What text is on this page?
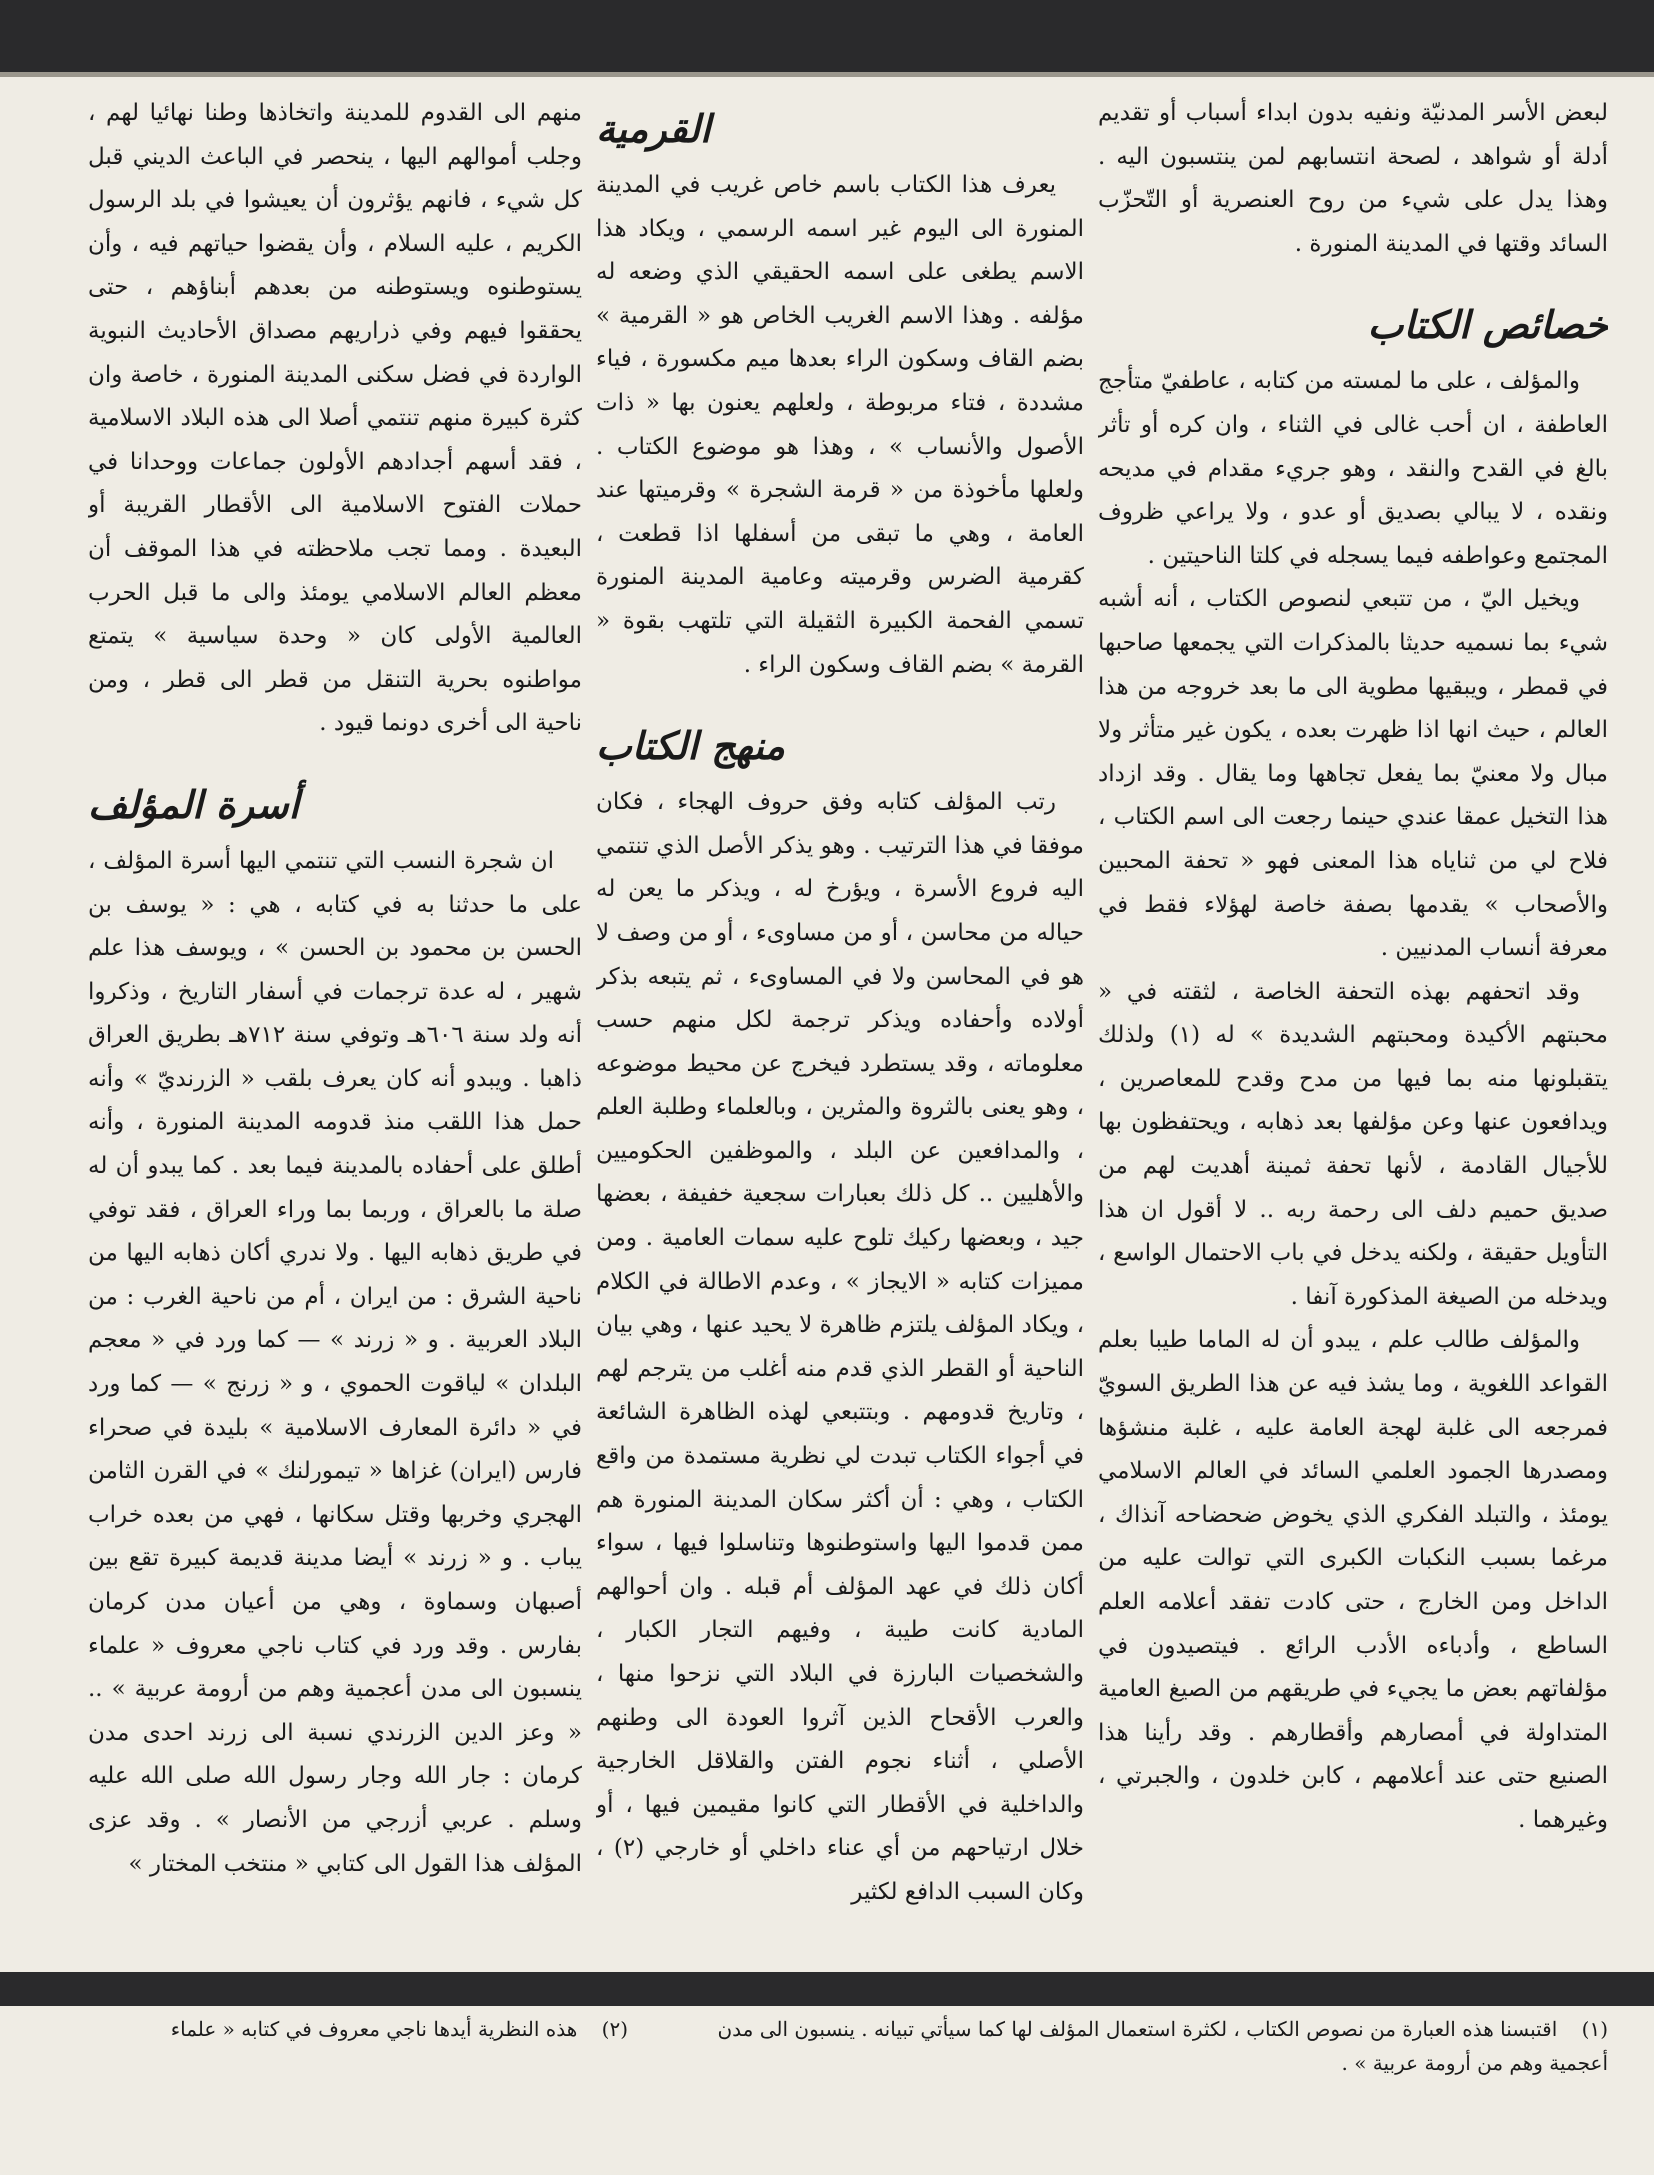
لبعض الأسر المدنيّة ونفيه بدون ابداء أسباب أو تقديم أدلة أو شواهد ، لصحة انتسابهم لمن ينتسبون اليه . وهذا يدل على شيء من روح العنصرية أو التّحزّب السائد وقتها في المدينة المنورة .

خصائص الكتاب

والمؤلف ، على ما لمسته من كتابه ، عاطفيّ متأجج العاطفة ، ان أحب غالى في الثناء ، وان كره أو تأثر بالغ في القدح والنقد ، وهو جريء مقدام في مديحه ونقده ، لا يبالي بصديق أو عدو ، ولا يراعي ظروف المجتمع وعواطفه فيما يسجله في كلتا الناحيتين .

ويخيل اليّ ، من تتبعي لنصوص الكتاب ، أنه أشبه شيء بما نسميه حديثا بالمذكرات التي يجمعها صاحبها في قمطر ، ويبقيها مطوية الى ما بعد خروجه من هذا العالم ، حيث انها اذا ظهرت بعده ، يكون غير متأثر ولا مبال ولا معنيّ بما يفعل تجاهها وما يقال . وقد ازداد هذا التخيل عمقا عندي حينما رجعت الى اسم الكتاب ، فلاح لي من ثناياه هذا المعنى فهو « تحفة المحبين والأصحاب » يقدمها بصفة خاصة لهؤلاء فقط في معرفة أنساب المدنيين .

وقد اتحفهم بهذه التحفة الخاصة ، لثقته في « محبتهم الأكيدة ومحبتهم الشديدة » له (١) ولذلك يتقبلونها منه بما فيها من مدح وقدح للمعاصرين ، ويدافعون عنها وعن مؤلفها بعد ذهابه ، ويحتفظون بها للأجيال القادمة ، لأنها تحفة ثمينة أهديت لهم من صديق حميم دلف الى رحمة ربه .. لا أقول ان هذا التأويل حقيقة ، ولكنه يدخل في باب الاحتمال الواسع ، ويدخله من الصيغة المذكورة آنفا .

والمؤلف طالب علم ، يبدو أن له الماما طيبا بعلم القواعد اللغوية ، وما يشذ فيه عن هذا الطريق السويّ فمرجعه الى غلبة لهجة العامة عليه ، غلبة منشؤها ومصدرها الجمود العلمي السائد في العالم الاسلامي يومئذ ، والتبلد الفكري الذي يخوض ضحضاحه آنذاك ، مرغما بسبب النكبات الكبرى التي توالت عليه من الداخل ومن الخارج ، حتى كادت تفقد أعلامه العلم الساطع ، وأدباءه الأدب الرائع . فيتصيدون في مؤلفاتهم بعض ما يجيء في طريقهم من الصيغ العامية المتداولة في أمصارهم وأقطارهم . وقد رأينا هذا الصنيع حتى عند أعلامهم ، كابن خلدون ، والجبرتي ، وغيرهما .

القرمية

يعرف هذا الكتاب باسم خاص غريب في المدينة المنورة الى اليوم غير اسمه الرسمي ، ويكاد هذا الاسم يطغى على اسمه الحقيقي الذي وضعه له مؤلفه . وهذا الاسم الغريب الخاص هو « القرمية » بضم القاف وسكون الراء بعدها ميم مكسورة ، فياء مشددة ، فتاء مربوطة ، ولعلهم يعنون بها « ذات الأصول والأنساب » ، وهذا هو موضوع الكتاب . ولعلها مأخوذة من « قرمة الشجرة » وقرميتها عند العامة ، وهي ما تبقى من أسفلها اذا قطعت ، كقرمية الضرس وقرميته وعامية المدينة المنورة تسمي الفحمة الكبيرة الثقيلة التي تلتهب بقوة « القرمة » بضم القاف وسكون الراء .

منهج الكتاب

رتب المؤلف كتابه وفق حروف الهجاء ، فكان موفقا في هذا الترتيب . وهو يذكر الأصل الذي تنتمي اليه فروع الأسرة ، ويؤرخ له ، ويذكر ما يعن له حياله من محاسن ، أو من مساوىء ، أو من وصف لا هو في المحاسن ولا في المساوىء ، ثم يتبعه بذكر أولاده وأحفاده ويذكر ترجمة لكل منهم حسب معلوماته ، وقد يستطرد فيخرج عن محيط موضوعه ، وهو يعنى بالثروة والمثرين ، وبالعلماء وطلبة العلم ، والمدافعين عن البلد ، والموظفين الحكوميين والأهليين .. كل ذلك بعبارات سجعية خفيفة ، بعضها جيد ، وبعضها ركيك تلوح عليه سمات العامية . ومن مميزات كتابه « الايجاز » ، وعدم الاطالة في الكلام ، ويكاد المؤلف يلتزم ظاهرة لا يحيد عنها ، وهي بيان الناحية أو القطر الذي قدم منه أغلب من يترجم لهم ، وتاريخ قدومهم . وبتتبعي لهذه الظاهرة الشائعة في أجواء الكتاب تبدت لي نظرية مستمدة من واقع الكتاب ، وهي : أن أكثر سكان المدينة المنورة هم ممن قدموا اليها واستوطنوها وتناسلوا فيها ، سواء أكان ذلك في عهد المؤلف أم قبله . وان أحوالهم المادية كانت طيبة ، وفيهم التجار الكبار ، والشخصيات البارزة في البلاد التي نزحوا منها ، والعرب الأقحاح الذين آثروا العودة الى وطنهم الأصلي ، أثناء نجوم الفتن والقلاقل الخارجية والداخلية في الأقطار التي كانوا مقيمين فيها ، أو خلال ارتياحهم من أي عناء داخلي أو خارجي (٢) ، وكان السبب الدافع لكثير

منهم الى القدوم للمدينة واتخاذها وطنا نهائيا لهم ، وجلب أموالهم اليها ، ينحصر في الباعث الديني قبل كل شيء ، فانهم يؤثرون أن يعيشوا في بلد الرسول الكريم ، عليه السلام ، وأن يقضوا حياتهم فيه ، وأن يستوطنوه ويستوطنه من بعدهم أبناؤهم ، حتى يحققوا فيهم وفي ذراريهم مصداق الأحاديث النبوية الواردة في فضل سكنى المدينة المنورة ، خاصة وان كثرة كبيرة منهم تنتمي أصلا الى هذه البلاد الاسلامية ، فقد أسهم أجدادهم الأولون جماعات ووحدانا في حملات الفتوح الاسلامية الى الأقطار القريبة أو البعيدة . ومما تجب ملاحظته في هذا الموقف أن معظم العالم الاسلامي يومئذ والى ما قبل الحرب العالمية الأولى كان « وحدة سياسية » يتمتع مواطنوه بحرية التنقل من قطر الى قطر ، ومن ناحية الى أخرى دونما قيود .

أسرة المؤلف

ان شجرة النسب التي تنتمي اليها أسرة المؤلف ، على ما حدثنا به في كتابه ، هي : « يوسف بن الحسن بن محمود بن الحسن » ، ويوسف هذا علم شهير ، له عدة ترجمات في أسفار التاريخ ، وذكروا أنه ولد سنة ٦٠٦هـ وتوفي سنة ٧١٢هـ بطريق العراق ذاهبا . ويبدو أنه كان يعرف بلقب « الزرنديّ » وأنه حمل هذا اللقب منذ قدومه المدينة المنورة ، وأنه أطلق على أحفاده بالمدينة فيما بعد . كما يبدو أن له صلة ما بالعراق ، وربما بما وراء العراق ، فقد توفي في طريق ذهابه اليها . ولا ندري أكان ذهابه اليها من ناحية الشرق : من ايران ، أم من ناحية الغرب : من البلاد العربية . و « زرند » — كما ورد في « معجم البلدان » لياقوت الحموي ، و « زرنج » — كما ورد في « دائرة المعارف الاسلامية » بليدة في صحراء فارس (ايران) غزاها « تيمورلنك » في القرن الثامن الهجري وخربها وقتل سكانها ، فهي من بعده خراب يباب . و « زرند » أيضا مدينة قديمة كبيرة تقع بين أصبهان وسماوة ، وهي من أعيان مدن كرمان بفارس . وقد ورد في كتاب ناجي معروف « علماء ينسبون الى مدن أعجمية وهم من أرومة عربية » .. « وعز الدين الزرندي نسبة الى زرند احدى مدن كرمان : جار الله وجار رسول الله صلى الله عليه وسلم . عربي أزرجي من الأنصار » . وقد عزى المؤلف هذا القول الى كتابي « منتخب المختار »

(١) اقتبسنا هذه العبارة من نصوص الكتاب ، لكثرة استعمال المؤلف لها كما سيأتي تبيانه . ينسبون الى مدن أعجمية وهم من أرومة عربية » .
(٢) هذه النظرية أيدها ناجي معروف في كتابه « علماء
